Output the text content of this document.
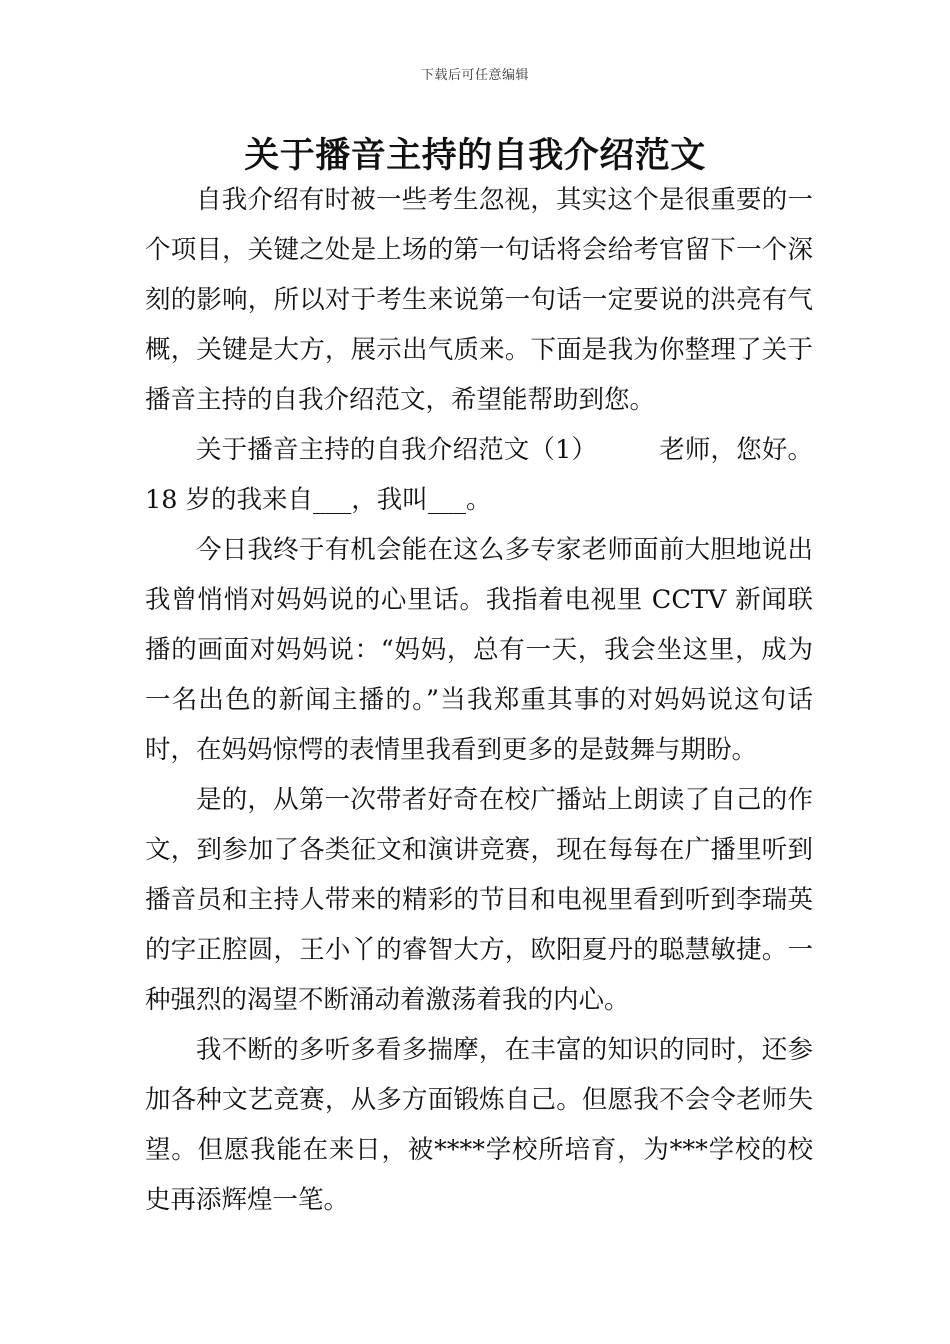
下载后可任意编辑
关于播音主持的自我介绍范文

自我介绍有时被一些考生忽视，其实这个是很重要的一个项目，关键之处是上场的第一句话将会给考官留下一个深刻的影响，所以对于考生来说第一句话一定要说的洪亮有气概，关键是大方，展示出气质来。下面是我为你整理了关于播音主持的自我介绍范文，希望能帮助到您。

关于播音主持的自我介绍范文（1） 老师，您好。18 岁的我来自___，我叫___。

今日我终于有机会能在这么多专家老师面前大胆地说出我曾悄悄对妈妈说的心里话。我指着电视里 CCTV 新闻联播的画面对妈妈说：“妈妈，总有一天，我会坐这里，成为一名出色的新闻主播的。”当我郑重其事的对妈妈说这句话时，在妈妈惊愕的表情里我看到更多的是鼓舞与期盼。

是的，从第一次带者好奇在校广播站上朗读了自己的作文，到参加了各类征文和演讲竞赛，现在每每在广播里听到播音员和主持人带来的精彩的节目和电视里看到听到李瑞英的字正腔圆，王小丫的睿智大方，欧阳夏丹的聪慧敏捷。一种强烈的渴望不断涌动着激荡着我的内心。

我不断的多听多看多揣摩，在丰富的知识的同时，还参加各种文艺竞赛，从多方面锻炼自己。但愿我不会令老师失望。但愿我能在来日，被****学校所培育，为***学校的校史再添辉煌一笔。
